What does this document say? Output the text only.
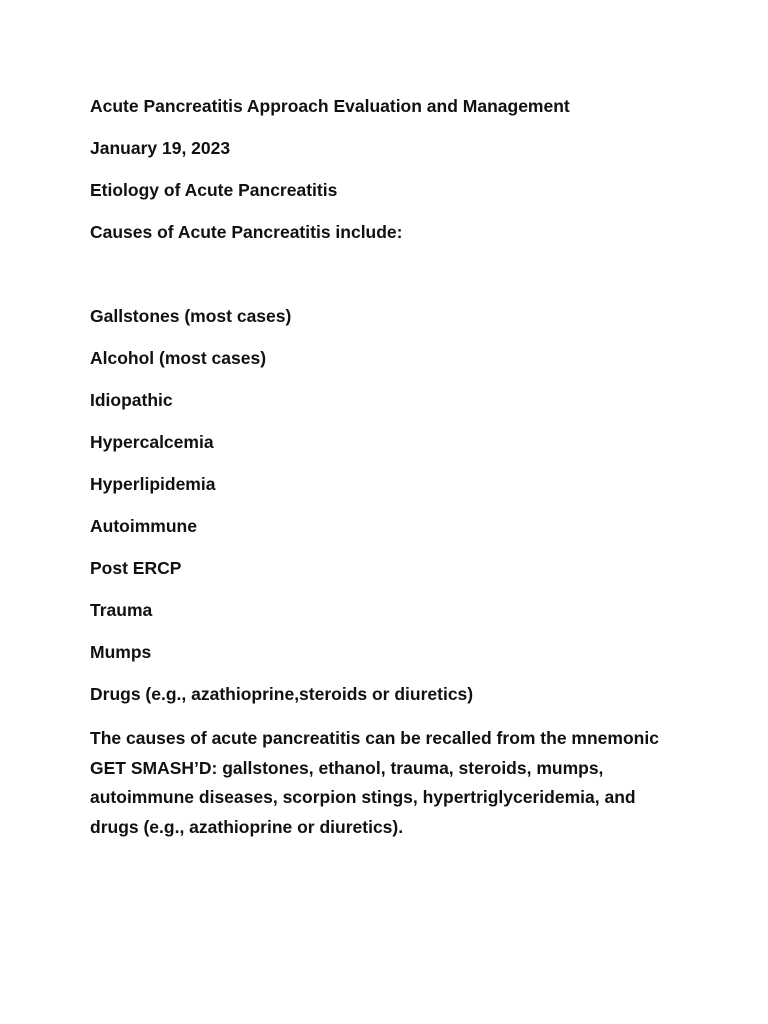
Acute Pancreatitis Approach Evaluation and Management
January 19, 2023
Etiology of Acute Pancreatitis
Causes of Acute Pancreatitis include:
Gallstones (most cases)
Alcohol (most cases)
Idiopathic
Hypercalcemia
Hyperlipidemia
Autoimmune
Post ERCP
Trauma
Mumps
Drugs (e.g., azathioprine,steroids or diuretics)
The causes of acute pancreatitis can be recalled from the mnemonic GET SMASH’D: gallstones, ethanol, trauma, steroids, mumps, autoimmune diseases, scorpion stings, hypertriglyceridemia, and drugs (e.g., azathioprine or diuretics).
